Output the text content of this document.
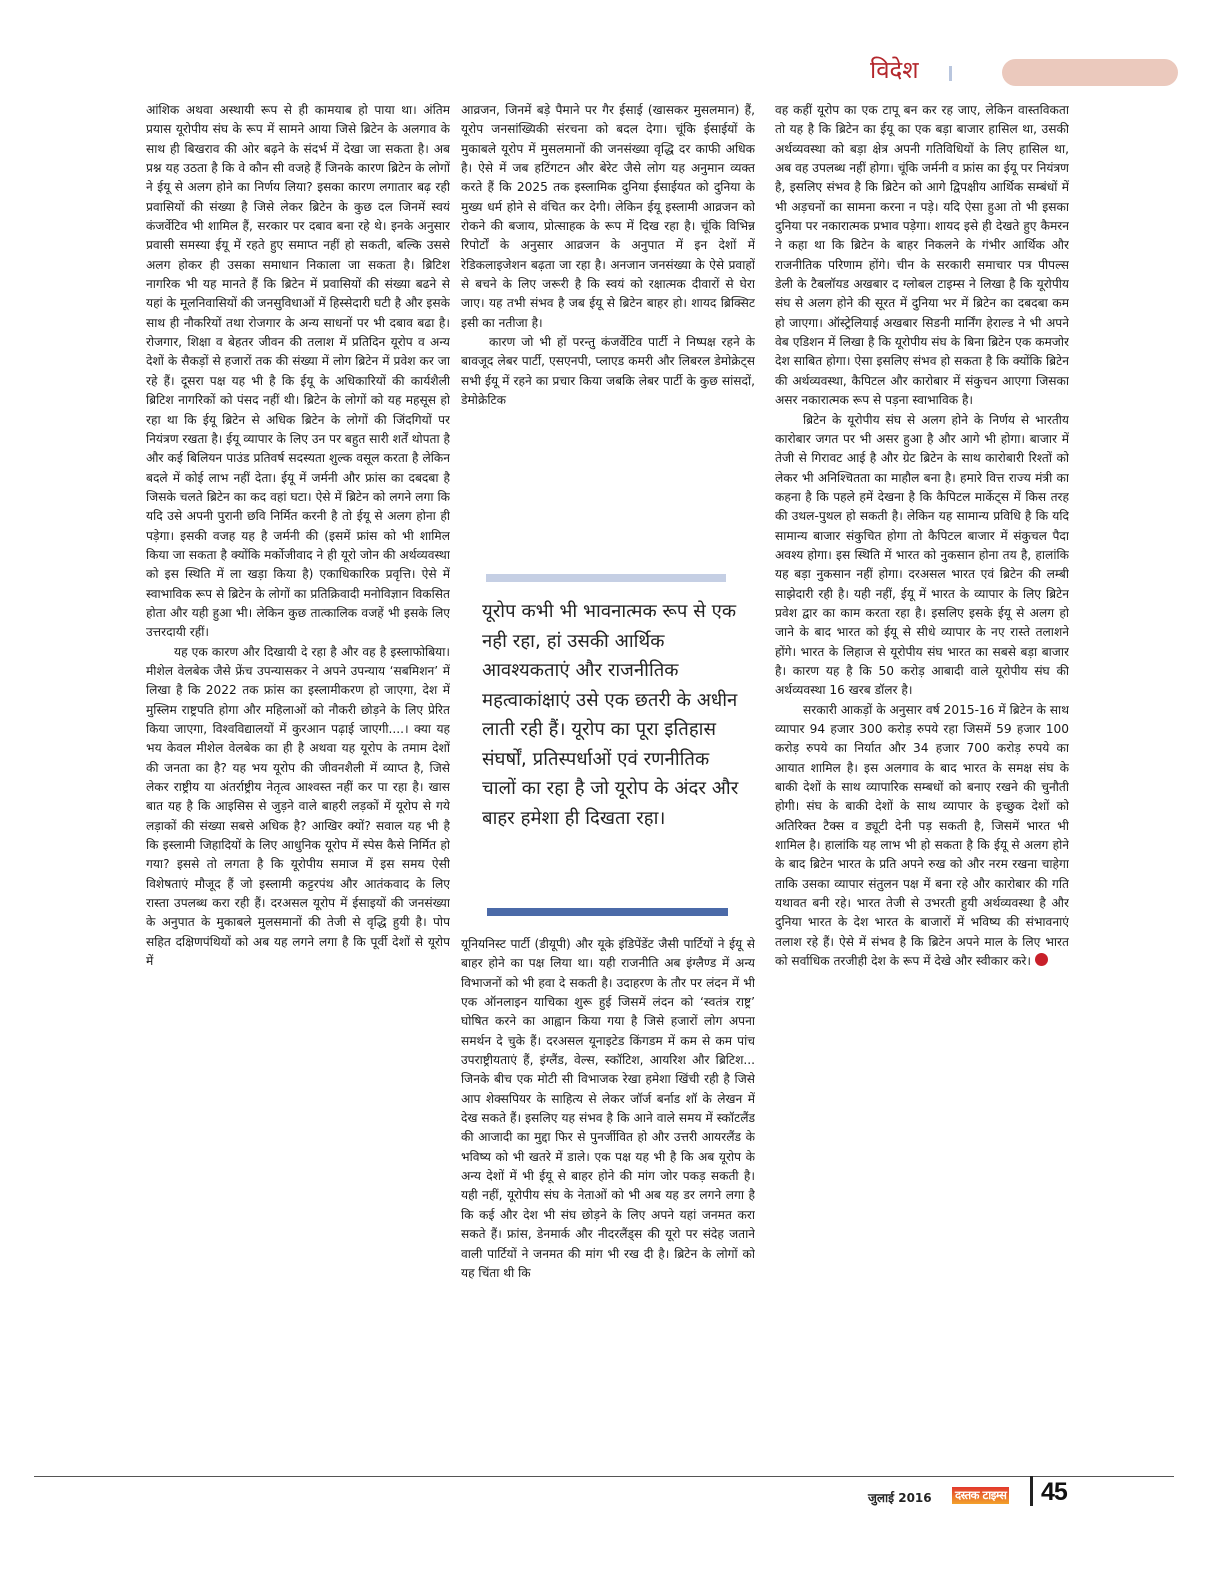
विदेश

आंशिक अथवा अस्थायी रूप से ही कामयाब हो पाया था। अंतिम प्रयास यूरोपीय संघ के रूप में सामने आया जिसे ब्रिटेन के अलगाव के साथ ही बिखराव की ओर बढ़ने के संदर्भ में देखा जा सकता है। अब प्रश्न यह उठता है कि वे कौन सी वजहे हैं जिनके कारण ब्रिटेन के लोगों ने ईयू से अलग होने का निर्णय लिया? इसका कारण लगातार बढ़ रही प्रवासियों की संख्या है जिसे लेकर ब्रिटेन के कुछ दल जिनमें स्वयं कंजर्वेटिव भी शामिल हैं, सरकार पर दबाव बना रहे थे। इनके अनुसार प्रवासी समस्या ईयू में रहते हुए समाप्त नहीं हो सकती, बल्कि उससे अलग होकर ही उसका समाधान निकाला जा सकता है। ब्रिटिश नागरिक भी यह मानते हैं कि ब्रिटेन में प्रवासियों की संख्या बढने से यहां के मूलनिवासियों की जनसुविधाओं में हिस्सेदारी घटी है और इसके साथ ही नौकरियों तथा रोजगार के अन्य साधनों पर भी दबाव बढा है। रोजगार, शिक्षा व बेहतर जीवन की तलाश में प्रतिदिन यूरोप व अन्य देशों के सैकड़ों से हजारों तक की संख्या में लोग ब्रिटेन में प्रवेश कर जा रहे हैं। दूसरा पक्ष यह भी है कि ईयू के अधिकारियों की कार्यशैली ब्रिटिश नागरिकों को पंसद नहीं थी। ब्रिटेन के लोगों को यह महसूस हो रहा था कि ईयू ब्रिटेन से अधिक ब्रिटेन के लोगों की जिंदगियों पर नियंत्रण रखता है। ईयू व्यापार के लिए उन पर बहुत सारी शर्तें थोपता है और कई बिलियन पाउंड प्रतिवर्ष सदस्यता शुल्क वसूल करता है लेकिन बदले में कोई लाभ नहीं देता। ईयू में जर्मनी और फ्रांस का दबदबा है जिसके चलते ब्रिटेन का कद वहां घटा। ऐसे में ब्रिटेन को लगने लगा कि यदि उसे अपनी पुरानी छवि निर्मित करनी है तो ईयू से अलग होना ही पड़ेगा। इसकी वजह यह है जर्मनी की (इसमें फ्रांस को भी शामिल किया जा सकता है क्योंकि मर्कोजीवाद ने ही यूरो जोन की अर्थव्यवस्था को इस स्थिति में ला खड़ा किया है) एकाधिकारिक प्रवृत्ति। ऐसे में स्वाभाविक रूप से ब्रिटेन के लोगों का प्रतिक्रिवादी मनोविज्ञान विकसित होता और यही हुआ भी। लेकिन कुछ तात्कालिक वजहें भी इसके लिए उत्तरदायी रहीं।

यह एक कारण और दिखायी दे रहा है और वह है इस्लाफोबिया। मीशेल वेलबेक जैसे फ्रेंच उपन्यासकर ने अपने उपन्याय ‘सबमिशन’ में लिखा है कि 2022 तक फ्रांस का इस्लामीकरण हो जाएगा, देश में मुस्लिम राष्ट्रपति होगा और महिलाओं को नौकरी छोड़ने के लिए प्रेरित किया जाएगा, विश्वविद्यालयों में कुरआन पढ़ाई जाएगी....। क्या यह भय केवल मीशेल वेलबेक का ही है अथवा यह यूरोप के तमाम देशों की जनता का है? यह भय यूरोप की जीवनशैली में व्याप्त है, जिसे लेकर राष्ट्रीय या अंतर्राष्ट्रीय नेतृत्व आश्वस्त नहीं कर पा रहा है। खास बात यह है कि आइसिस से जुड़ने वाले बाहरी लड़कों में यूरोप से गये लड़ाकों की संख्या सबसे अधिक है? आखिर क्यों? सवाल यह भी है कि इस्लामी जिहादियों के लिए आधुनिक यूरोप में स्पेस कैसे निर्मित हो गया? इससे तो लगता है कि यूरोपीय समाज में इस समय ऐसी विशेषताएं मौजूद हैं जो इस्लामी कट्टरपंथ और आतंकवाद के लिए रास्ता उपलब्ध करा रही हैं। दरअसल यूरोप में ईसाइयों की जनसंख्या के अनुपात के मुकाबले मुलसमानों की तेजी से वृद्धि हुयी है। पोप सहित दक्षिणपंथियों को अब यह लगने लगा है कि पूर्वी देशों से यूरोप में

आव्रजन, जिनमें बड़े पैमाने पर गैर ईसाई (खासकर मुसलमान) हैं, यूरोप जनसांख्यिकी संरचना को बदल देगा। चूंकि ईसाईयों के मुकाबले यूरोप में मुसलमानों की जनसंख्या वृद्धि दर काफी अधिक है। ऐसे में जब हटिंगटन और बेरेट जैसे लोग यह अनुमान व्यक्त करते हैं कि 2025 तक इस्लामिक दुनिया ईसाईयत को दुनिया के मुख्य धर्म होने से वंचित कर देगी। लेकिन ईयू इस्लामी आव्रजन को रोकने की बजाय, प्रोत्साहक के रूप में दिख रहा है। चूंकि विभिन्न रिपोर्टों के अनुसार आव्रजन के अनुपात में इन देशों में रेडिकलाइजेशन बढ़ता जा रहा है। अनजान जनसंख्या के ऐसे प्रवाहों से बचने के लिए जरूरी है कि स्वयं को रक्षात्मक दीवारों से घेरा जाए। यह तभी संभव है जब ईयू से ब्रिटेन बाहर हो। शायद ब्रिक्सिट इसी का नतीजा है।

कारण जो भी हों परन्तु कंजर्वेटिव पार्टी ने निष्पक्ष रहने के बावजूद लेबर पार्टी, एसएनपी, प्लाएड कमरी और लिबरल डेमोक्रेट्स सभी ईयू में रहने का प्रचार किया जबकि लेबर पार्टी के कुछ सांसदों, डेमोक्रेटिक

यूरोप कभी भी भावनात्मक रूप से एक नही रहा, हां उसकी आर्थिक आवश्यकताएं और राजनीतिक महत्वाकांक्षाएं उसे एक छतरी के अधीन लाती रही हैं। यूरोप का पूरा इतिहास संघर्षों, प्रतिस्पर्धाओं एवं रणनीतिक चालों का रहा है जो यूरोप के अंदर और बाहर हमेशा ही दिखता रहा।

यूनियनिस्ट पार्टी (डीयूपी) और यूके इंडिपेंडेंट जैसी पार्टियों ने ईयू से बाहर होने का पक्ष लिया था। यही राजनीति अब इंग्लैण्ड में अन्य विभाजनों को भी हवा दे सकती है। उदाहरण के तौर पर लंदन में भी एक ऑनलाइन याचिका शुरू हुई जिसमें लंदन को ‘स्वतंत्र राष्ट्र’ घोषित करने का आह्वान किया गया है जिसे हजारों लोग अपना समर्थन दे चुके हैं। दरअसल यूनाइटेड किंगडम में कम से कम पांच उपराष्ट्रीयताएं हैं, इंग्लैंड, वेल्स, स्कॉटिश, आयरिश और ब्रिटिश... जिनके बीच एक मोटी सी विभाजक रेखा हमेशा खिंची रही है जिसे आप शेक्सपियर के साहित्य से लेकर जॉर्ज बर्नाड शॉ के लेखन में देख सकते हैं। इसलिए यह संभव है कि आने वाले समय में स्कॉटलैंड की आजादी का मुद्दा फिर से पुनर्जीवित हो और उत्तरी आयरलैंड के भविष्य को भी खतरे में डाले। एक पक्ष यह भी है कि अब यूरोप के अन्य देशों में भी ईयू से बाहर होने की मांग जोर पकड़ सकती है। यही नहीं, यूरोपीय संघ के नेताओं को भी अब यह डर लगने लगा है कि कई और देश भी संघ छोड़ने के लिए अपने यहां जनमत करा सकते हैं। फ्रांस, डेनमार्क और नीदरलैंड्स की यूरो पर संदेह जताने वाली पार्टियों ने जनमत की मांग भी रख दी है। ब्रिटेन के लोगों को यह चिंता थी कि

वह कहीं यूरोप का एक टापू बन कर रह जाए, लेकिन वास्तविकता तो यह है कि ब्रिटेन का ईयू का एक बड़ा बाजार हासिल था, उसकी अर्थव्यवस्था को बड़ा क्षेत्र अपनी गतिविधियों के लिए हासिल था, अब वह उपलब्ध नहीं होगा। चूंकि जर्मनी व फ्रांस का ईयू पर नियंत्रण है, इसलिए संभव है कि ब्रिटेन को आगे द्विपक्षीय आर्थिक सम्बंधों में भी अड़चनों का सामना करना न पड़े। यदि ऐसा हुआ तो भी इसका दुनिया पर नकारात्मक प्रभाव पड़ेगा। शायद इसे ही देखते हुए कैमरन ने कहा था कि ब्रिटेन के बाहर निकलने के गंभीर आर्थिक और राजनीतिक परिणाम होंगे। चीन के सरकारी समाचार पत्र पीपल्स डेली के टैबलॉयड अखबार द ग्लोबल टाइम्स ने लिखा है कि यूरोपीय संघ से अलग होने की सूरत में दुनिया भर में ब्रिटेन का दबदबा कम हो जाएगा। ऑस्ट्रेलियाई अखबार सिडनी मार्निंग हेराल्ड ने भी अपने वेब एडिशन में लिखा है कि यूरोपीय संघ के बिना ब्रिटेन एक कमजोर देश साबित होगा। ऐसा इसलिए संभव हो सकता है कि क्योंकि ब्रिटेन की अर्थव्यवस्था, कैपिटल और कारोबार में संकुचन आएगा जिसका असर नकारात्मक रूप से पड़ना स्वाभाविक है।

ब्रिटेन के यूरोपीय संघ से अलग होने के निर्णय से भारतीय कारोबार जगत पर भी असर हुआ है और आगे भी होगा। बाजार में तेजी से गिरावट आई है और ग्रेट ब्रिटेन के साथ कारोबारी रिश्तों को लेकर भी अनिश्चितता का माहौल बना है। हमारे वित्त राज्य मंत्री का कहना है कि पहले हमें देखना है कि कैपिटल मार्केट्स में किस तरह की उथल-पुथल हो सकती है। लेकिन यह सामान्य प्रविधि है कि यदि सामान्य बाजार संकुचित होगा तो कैपिटल बाजार में संकुचल पैदा अवश्य होगा। इस स्थिति में भारत को नुकसान होना तय है, हालांकि यह बड़ा नुकसान नहीं होगा। दरअसल भारत एवं ब्रिटेन की लम्बी साझेदारी रही है। यही नहीं, ईयू में भारत के व्यापार के लिए ब्रिटेन प्रवेश द्वार का काम करता रहा है। इसलिए इसके ईयू से अलग हो जाने के बाद भारत को ईयू से सीधे व्यापार के नए रास्ते तलाशने होंगे। भारत के लिहाज से यूरोपीय संघ भारत का सबसे बड़ा बाजार है। कारण यह है कि 50 करोड़ आबादी वाले यूरोपीय संघ की अर्थव्यवस्था 16 खरब डॉलर है।

सरकारी आकड़ों के अनुसार वर्ष 2015-16 में ब्रिटेन के साथ व्यापार 94 हजार 300 करोड़ रुपये रहा जिसमें 59 हजार 100 करोड़ रुपये का निर्यात और 34 हजार 700 करोड़ रुपये का आयात शामिल है। इस अलगाव के बाद भारत के समक्ष संघ के बाकी देशों के साथ व्यापारिक सम्बधों को बनाए रखने की चुनौती होगी। संघ के बाकी देशों के साथ व्यापार के इच्छुक देशों को अतिरिक्त टैक्स व ड्यूटी देनी पड़ सकती है, जिसमें भारत भी शामिल है। हालांकि यह लाभ भी हो सकता है कि ईयू से अलग होने के बाद ब्रिटेन भारत के प्रति अपने रुख को और नरम रखना चाहेगा ताकि उसका व्यापार संतुलन पक्ष में बना रहे और कारोबार की गति यथावत बनी रहे। भारत तेजी से उभरती हुयी अर्थव्यवस्था है और दुनिया भारत के देश भारत के बाजारों में भविष्य की संभावनाएं तलाश रहे हैं। ऐसे में संभव है कि ब्रिटेन अपने माल के लिए भारत को सर्वाधिक तरजीही देश के रूप में देखे और स्वीकार करे।

जुलाई 2016 दस्तक टाइम्स 45
